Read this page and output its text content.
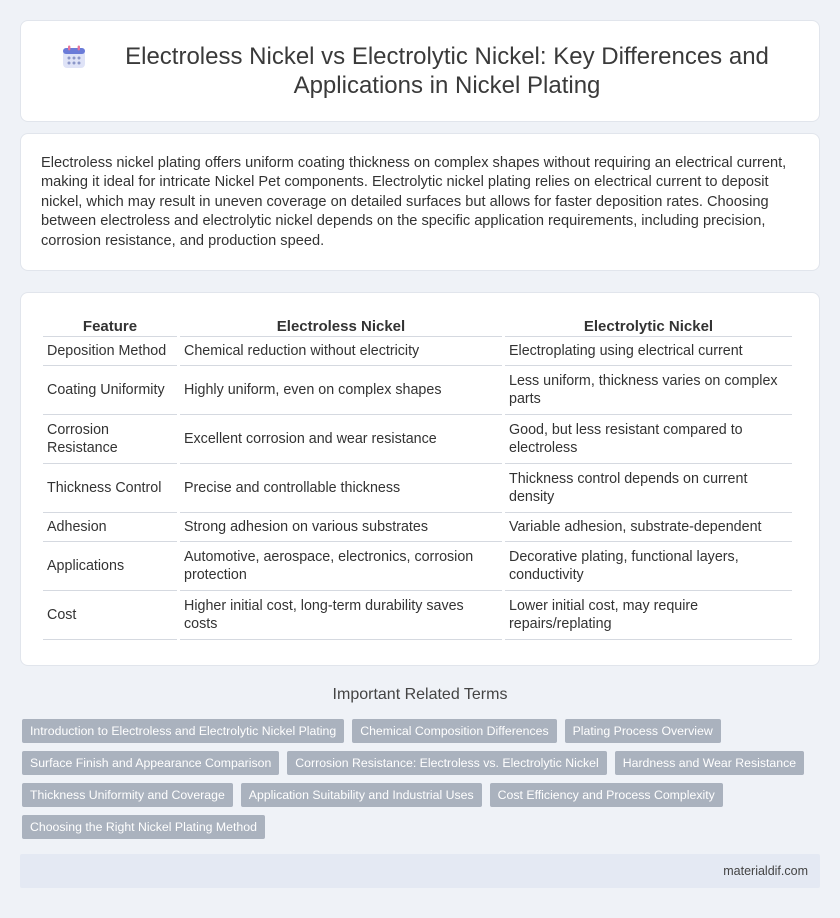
Electroless Nickel vs Electrolytic Nickel: Key Differences and Applications in Nickel Plating

Electroless nickel plating offers uniform coating thickness on complex shapes without requiring an electrical current, making it ideal for intricate Nickel Pet components. Electrolytic nickel plating relies on electrical current to deposit nickel, which may result in uneven coverage on detailed surfaces but allows for faster deposition rates. Choosing between electroless and electrolytic nickel depends on the specific application requirements, including precision, corrosion resistance, and production speed.

Feature	Electroless Nickel	Electrolytic Nickel
Deposition Method	Chemical reduction without electricity	Electroplating using electrical current
Coating Uniformity	Highly uniform, even on complex shapes	Less uniform, thickness varies on complex parts
Corrosion Resistance	Excellent corrosion and wear resistance	Good, but less resistant compared to electroless
Thickness Control	Precise and controllable thickness	Thickness control depends on current density
Adhesion	Strong adhesion on various substrates	Variable adhesion, substrate-dependent
Applications	Automotive, aerospace, electronics, corrosion protection	Decorative plating, functional layers, conductivity
Cost	Higher initial cost, long-term durability saves costs	Lower initial cost, may require repairs/replating
Important Related Terms
Introduction to Electroless and Electrolytic Nickel Plating	Chemical Composition Differences	Plating Process Overview
Surface Finish and Appearance Comparison	Corrosion Resistance: Electroless vs. Electrolytic Nickel	Hardness and Wear Resistance
Thickness Uniformity and Coverage	Application Suitability and Industrial Uses	Cost Efficiency and Process Complexity
Choosing the Right Nickel Plating Method
materialdif.com
